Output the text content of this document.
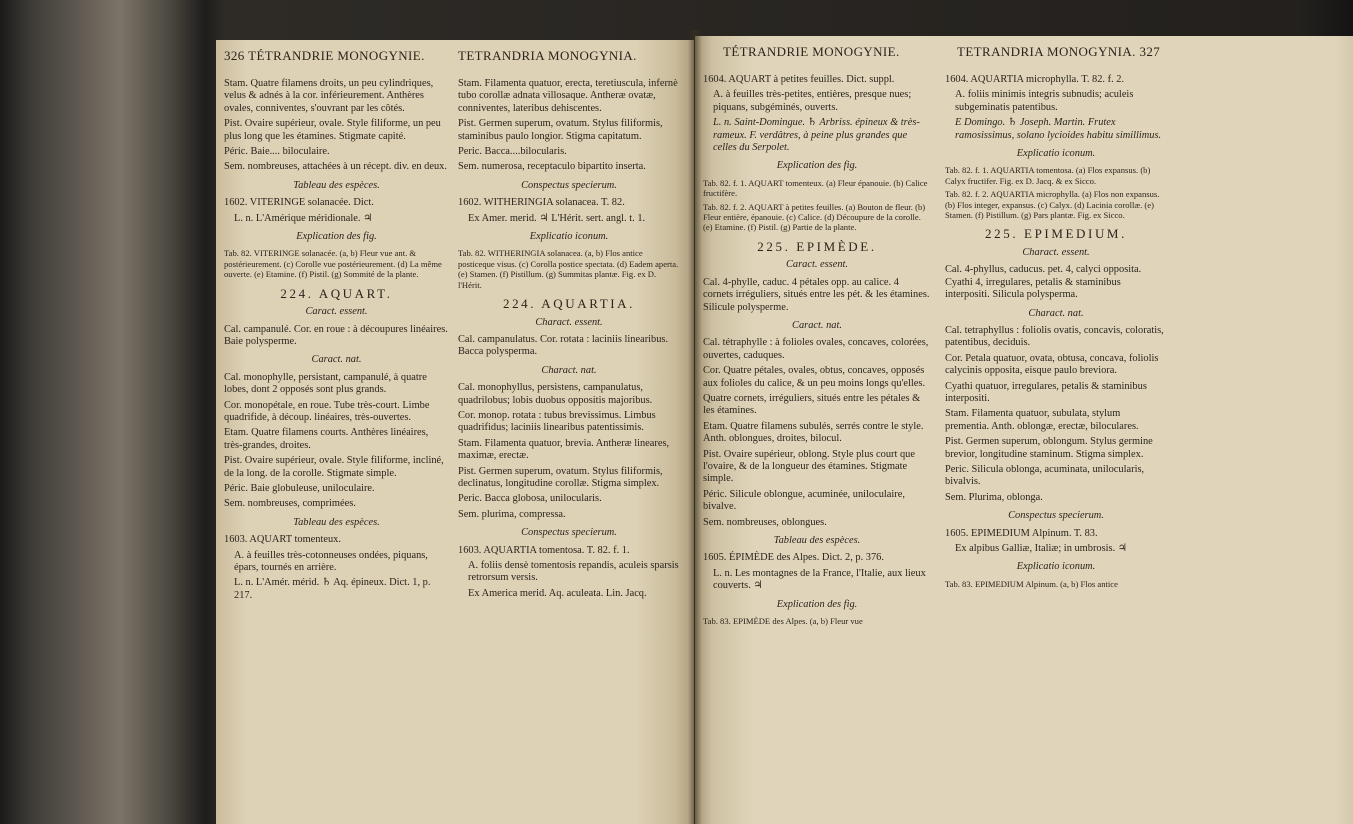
326 TÉTRANDRIE MONOGYNIE.	TETRANDRIA MONOGYNIA.

Stam. Quatre filamens droits, un peu cylindriques, velus & adnés à la cor. inférieurement. Anthères ovales, conniventes, s'ouvrant par les côtés.

Pist. Ovaire supérieur, ovale. Style filiforme, un peu plus long que les étamines. Stigmate capité.

Péric. Baie.... biloculaire.

Sem. nombreuses, attachées à un récept. div. en deux.

Tableau des espèces.

1602. VITERINGE solanacée. Dict.

L. n. L'Amérique méridionale. ♃

Explication des fig.

Tab. 82. VITERINGE solanacée. (a, b) Fleur vue ant. & postérieurement. (c) Corolle vue postérieurement. (d) La même ouverte. (e) Etamine. (f) Pistil. (g) Sommité de la plante.

224. AQUART.
Caract. essent.

Cal. campanulé. Cor. en roue : à découpures linéaires. Baie polysperme.

Caract. nat.

Cal. monophylle, persistant, campanulé, à quatre lobes, dont 2 opposés sont plus grands.

Cor. monopétale, en roue. Tube très-court. Limbe quadrifide, à découp. linéaires, très-ouvertes.

Etam. Quatre filamens courts. Anthères linéaires, très-grandes, droites.

Pist. Ovaire supérieur, ovale. Style filiforme, incliné, de la long. de la corolle. Stigmate simple.

Péric. Baie globuleuse, uniloculaire.

Sem. nombreuses, comprimées.

Tableau des espèces.

1603. AQUART tomenteux.

A. à feuilles très-cotonneuses ondées, piquans, épars, tournés en arrière.

L. n. L'Amér. mérid. ♄ Aq. épineux. Dict. 1, p. 217.

Stam. Filamenta quatuor, erecta, teretiuscula, infernè tubo corollæ adnata villosaque. Antheræ ovatæ, conniventes, lateribus dehiscentes.

Pist. Germen superum, ovatum. Stylus filiformis, staminibus paulo longior. Stigma capitatum.

Peric. Bacca....bilocularis.

Sem. numerosa, receptaculo bipartito inserta.

Conspectus specierum.

1602. WITHERINGIA solanacea. T. 82.

Ex Amer. merid. ♃ L'Hérit. sert. angl. t. 1.

Explicatio iconum.

Tab. 82. WITHERINGIA solanacea. (a, b) Flos antice posticeque visus. (c) Corolla postice spectata. (d) Eadem aperta. (e) Stamen. (f) Pistillum. (g) Summitas plantæ. Fig. ex D. l'Hérit.

224. AQUARTIA.
Charact. essent.

Cal. campanulatus. Cor. rotata : laciniis linearibus. Bacca polysperma.

Charact. nat.

Cal. monophyllus, persistens, campanulatus, quadrilobus; lobis duobus oppositis majoribus.

Cor. monop. rotata : tubus brevissimus. Limbus quadrifidus; laciniis linearibus patentissimis.

Stam. Filamenta quatuor, brevia. Antheræ lineares, maximæ, erectæ.

Pist. Germen superum, ovatum. Stylus filiformis, declinatus, longitudine corollæ. Stigma simplex.

Peric. Bacca globosa, unilocularis.

Sem. plurima, compressa.

Conspectus specierum.

1603. AQUARTIA tomentosa. T. 82. f. 1.

A. foliis densè tomentosis repandis, aculeis sparsis retrorsum versis.

Ex America merid. Aq. aculeata. Lin. Jacq.

TÉTRANDRIE MONOGYNIE.	TETRANDRIA MONOGYNIA. 327

1604. AQUART à petites feuilles. Dict. suppl.

A. à feuilles très-petites, entières, presque nues; piquans, subgéminés, ouverts.

L. n. Saint-Domingue. ♄ Arbriss. épineux & très-rameux. F. verdâtres, à peine plus grandes que celles du Serpolet.

Explication des fig.

Tab. 82. f. 1. AQUART tomenteux. (a) Fleur épanouie. (b) Calice fructifère.

Tab. 82. f. 2. AQUART à petites feuilles. (a) Bouton de fleur. (b) Fleur entière, épanouie. (c) Calice. (d) Découpure de la corolle. (e) Etamine. (f) Pistil. (g) Partie de la plante.

225. EPIMÈDE.
Caract. essent.

Cal. 4-phylle, caduc. 4 pétales opp. au calice. 4 cornets irréguliers, situés entre les pét. & les étamines. Silicule polysperme.

Caract. nat.

Cal. tétraphylle : à folioles ovales, concaves, colorées, ouvertes, caduques.

Cor. Quatre pétales, ovales, obtus, concaves, opposés aux folioles du calice, & un peu moins longs qu'elles.

Quatre cornets, irréguliers, situés entre les pétales & les étamines.

Etam. Quatre filamens subulés, serrés contre le style. Anth. oblongues, droites, bilocul.

Pist. Ovaire supérieur, oblong. Style plus court que l'ovaire, & de la longueur des étamines. Stigmate simple.

Péric. Silicule oblongue, acuminée, uniloculaire, bivalve.

Sem. nombreuses, oblongues.

Tableau des espèces.

1605. ÉPIMÈDE des Alpes. Dict. 2, p. 376.

L. n. Les montagnes de la France, l'Italie, aux lieux couverts. ♃

Explication des fig.

Tab. 83. EPIMÈDE des Alpes. (a, b) Fleur vue

1604. AQUARTIA microphylla. T. 82. f. 2.

A. foliis minimis integris subnudis; aculeis subgeminatis patentibus.

E Domingo. ♄ Joseph. Martin. Frutex ramosissimus, solano lycioides habitu simillimus.

Explicatio iconum.

Tab. 82. f. 1. AQUARTIA tomentosa. (a) Flos expansus. (b) Calyx fructifer. Fig. ex D. Jacq. & ex Sicco.

Tab. 82. f. 2. AQUARTIA microphylla. (a) Flos non expansus. (b) Flos integer, expansus. (c) Calyx. (d) Lacinia corollæ. (e) Stamen. (f) Pistillum. (g) Pars plantæ. Fig. ex Sicco.

225. EPIMEDIUM.
Charact. essent.

Cal. 4-phyllus, caducus. pet. 4, calyci opposita. Cyathi 4, irregulares, petalis & staminibus interpositi. Silicula polysperma.

Charact. nat.

Cal. tetraphyllus : foliolis ovatis, concavis, coloratis, patentibus, deciduis.

Cor. Petala quatuor, ovata, obtusa, concava, foliolis calycinis opposita, eisque paulo breviora.

Cyathi quatuor, irregulares, petalis & staminibus interpositi.

Stam. Filamenta quatuor, subulata, stylum prementia. Anth. oblongæ, erectæ, biloculares.

Pist. Germen superum, oblongum. Stylus germine brevior, longitudine staminum. Stigma simplex.

Peric. Silicula oblonga, acuminata, unilocularis, bivalvis.

Sem. Plurima, oblonga.

Conspectus specierum.

1605. EPIMEDIUM Alpinum. T. 83.

Ex alpibus Galliæ, Italiæ; in umbrosis. ♃

Explicatio iconum.

Tab. 83. EPIMEDIUM Alpinum. (a, b) Flos antice
